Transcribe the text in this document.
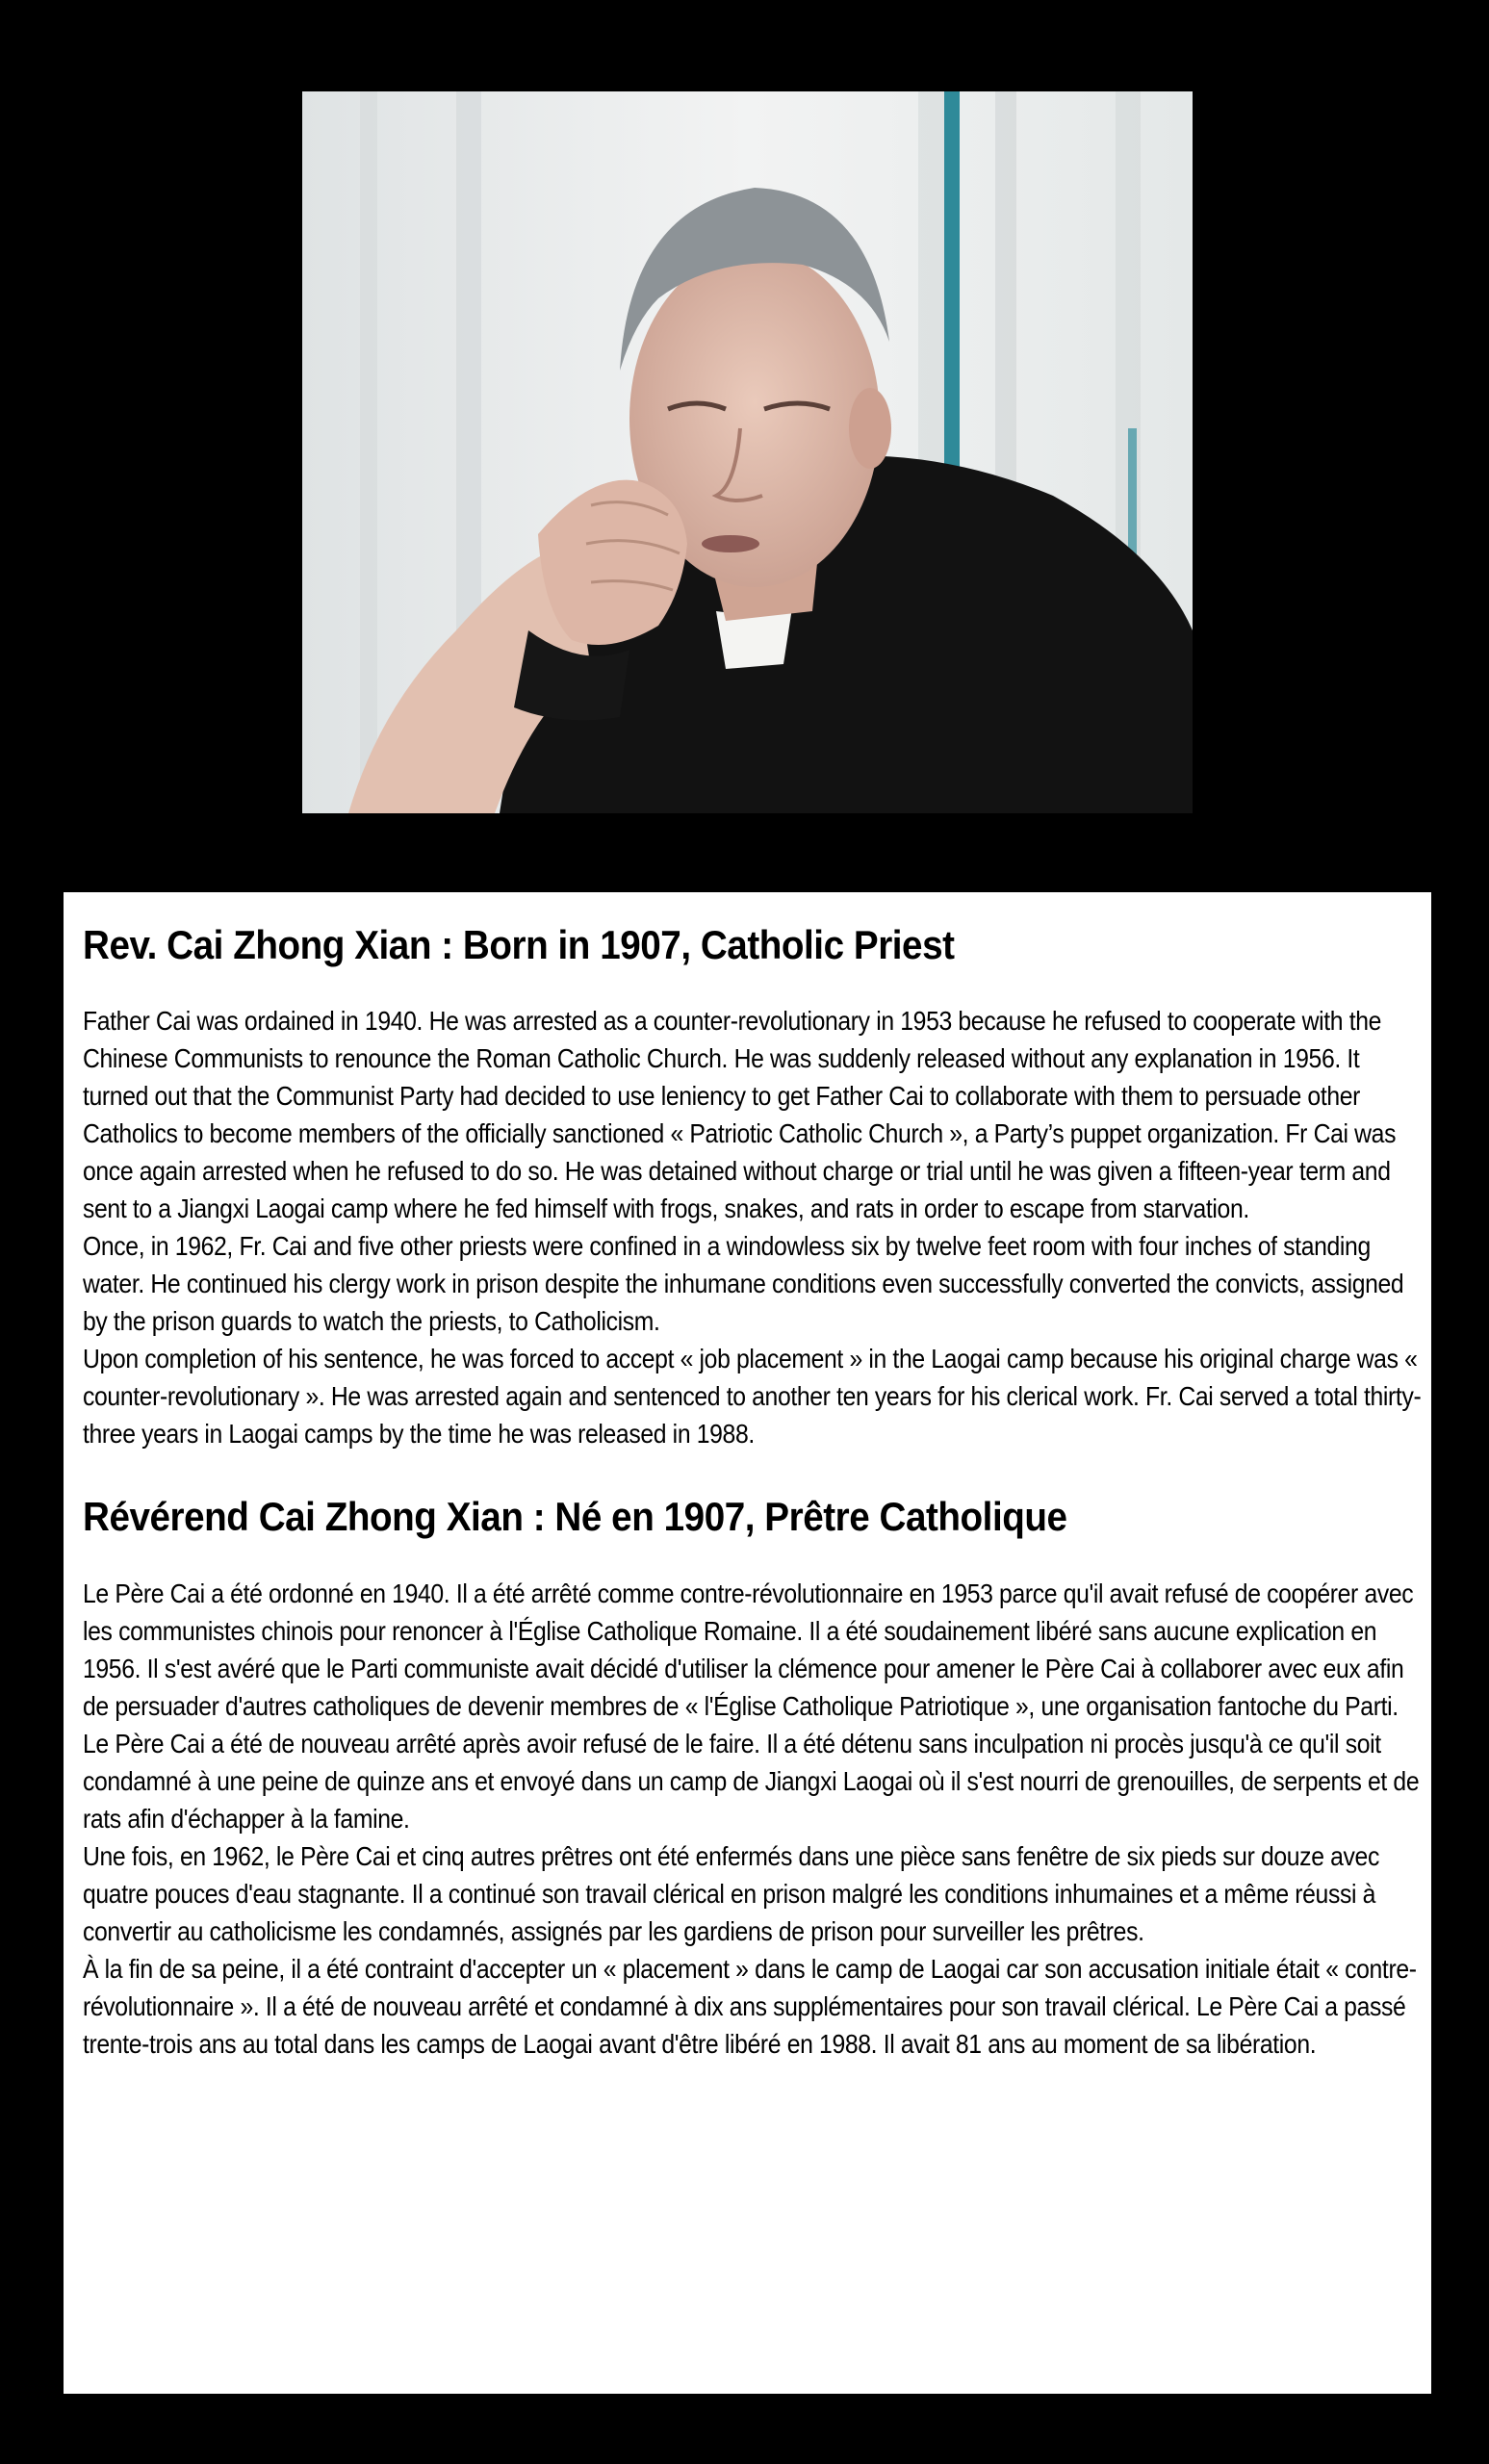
Rev. Cai Zhong Xian : Born in 1907, Catholic Priest

Father Cai was ordained in 1940. He was arrested as a counter-revolutionary in 1953 because he refused to cooperate with the Chinese Communists to renounce the Roman Catholic Church. He was suddenly released without any explanation in 1956. It turned out that the Communist Party had decided to use leniency to get Father Cai to collaborate with them to persuade other Catholics to become members of the officially sanctioned « Patriotic Catholic Church », a Party’s puppet organization. Fr Cai was once again arrested when he refused to do so. He was detained without charge or trial until he was given a fifteen-year term and sent to a Jiangxi Laogai camp where he fed himself with frogs, snakes, and rats in order to escape from starvation.

Once, in 1962, Fr. Cai and five other priests were confined in a windowless six by twelve feet room with four inches of standing water. He continued his clergy work in prison despite the inhumane conditions even successfully converted the convicts, assigned by the prison guards to watch the priests, to Catholicism.

Upon completion of his sentence, he was forced to accept « job placement » in the Laogai camp because his original charge was « counter-revolutionary ». He was arrested again and sentenced to another ten years for his clerical work. Fr. Cai served a total thirty-three years in Laogai camps by the time he was released in 1988.

Révérend Cai Zhong Xian : Né en 1907, Prêtre Catholique

Le Père Cai a été ordonné en 1940. Il a été arrêté comme contre-révolutionnaire en 1953 parce qu'il avait refusé de coopérer avec les communistes chinois pour renoncer à l'Église Catholique Romaine. Il a été soudainement libéré sans aucune explication en 1956. Il s'est avéré que le Parti communiste avait décidé d'utiliser la clémence pour amener le Père Cai à collaborer avec eux afin de persuader d'autres catholiques de devenir membres de « l'Église Catholique Patriotique », une organisation fantoche du Parti.

Le Père Cai a été de nouveau arrêté après avoir refusé de le faire. Il a été détenu sans inculpation ni procès jusqu'à ce qu'il soit condamné à une peine de quinze ans et envoyé dans un camp de Jiangxi Laogai où il s'est nourri de grenouilles, de serpents et de rats afin d'échapper à la famine.

Une fois, en 1962, le Père Cai et cinq autres prêtres ont été enfermés dans une pièce sans fenêtre de six pieds sur douze avec quatre pouces d'eau stagnante. Il a continué son travail clérical en prison malgré les conditions inhumaines et a même réussi à convertir au catholicisme les condamnés, assignés par les gardiens de prison pour surveiller les prêtres.

À la fin de sa peine, il a été contraint d'accepter un « placement » dans le camp de Laogai car son accusation initiale était « contre-révolutionnaire ». Il a été de nouveau arrêté et condamné à dix ans supplémentaires pour son travail clérical. Le Père Cai a passé trente-trois ans au total dans les camps de Laogai avant d'être libéré en 1988. Il avait 81 ans au moment de sa libération.
